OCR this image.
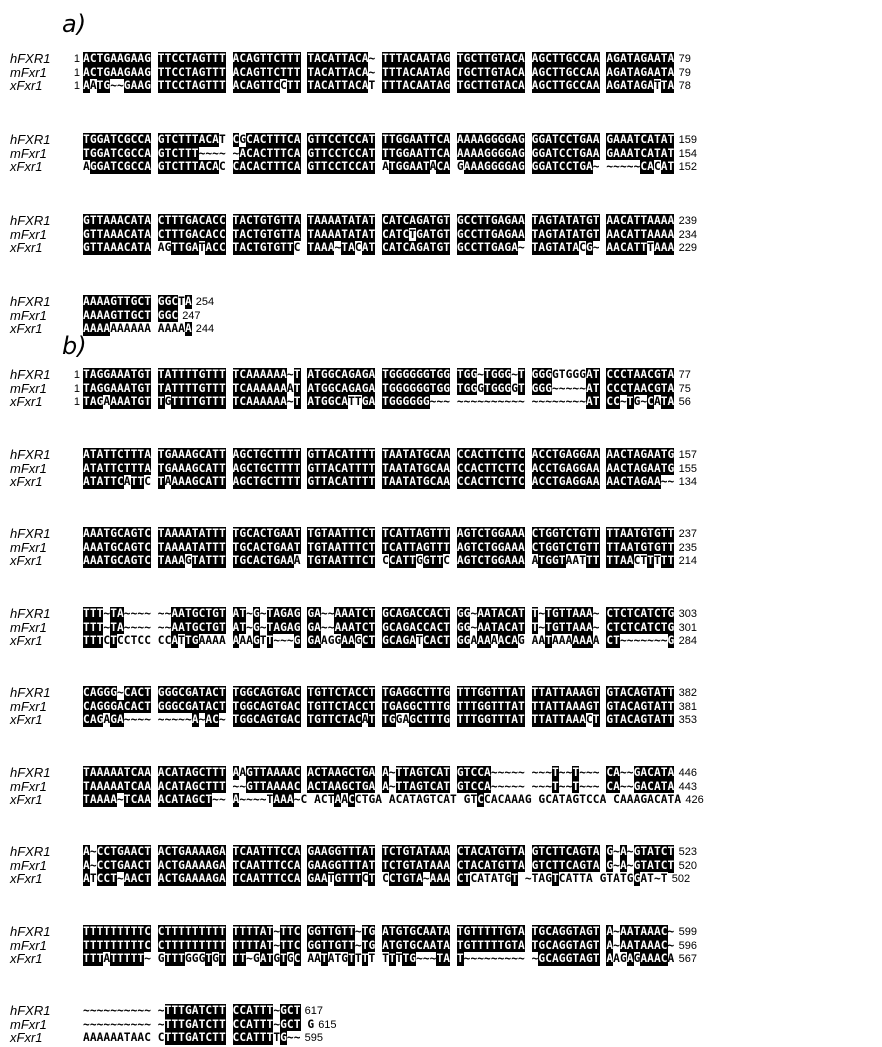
a)
hFXR1	1 ACTGAAGAAG TTCCTAGTTT ACAGTTCTTT TACATTACA~ TTTACAATAG TGCTTGTACA AGCTTGCCAA AGATAGAATA 79
mFxr1	1 ACTGAAGAAG TTCCTAGTTT ACAGTTCTTT TACATTACA~ TTTACAATAG TGCTTGTACA AGCTTGCCAA AGATAGAATA 79
xFxr1	1 AATG~~GAAG TTCCTAGTTT ACAGTTCCTT TACATTACAT TTTACAATAG TGCTTGTACA AGCTTGCCAA AGATAGATTA 78
hFXR1	TGGATCGCCA GTCTTTACAT CGCACTTTCA GTTCCTCCAT TTGGAATTCA AAAAGGGGAG GGATCCTGAA GAAATCATAT 159
mFxr1	TGGATCGCCA GTCTTT~~~~ ~ACACTTTCA GTTCCTCCAT TTGGAATTCA AAAAGGGGAG GGATCCTGAA GAAATCATAT 154
xFxr1	AGGATCGCCA GTCTTTACAC CACACTTTCA GTTCCTCCAT ATGGAATACA GAAAGGGGAG GGATCCTGA~ ~~~~~CACAT 152
hFXR1	GTTAAACATA CTTTGACACC TACTGTGTTA TAAAATATAT CATCAGATGT GCCTTGAGAA TAGTATATGT AACATTAAAA 239
mFxr1	GTTAAACATA CTTTGACACC TACTGTGTTA TAAAATATAT CATCTGATGT GCCTTGAGAA TAGTATATGT AACATTAAAA 234
xFxr1	GTTAAACATA AGTTGATACC TACTGTGTTC TAAA~TACAT CATCAGATGT GCCTTGAGA~ TAGTATACG~ AACATTTAAA 229
hFXR1	AAAAGTTGCT GGCTA 254
mFxr1	AAAAGTTGCT GGC 247
xFxr1	AAAAAAAAAA AAAAA 244
b)
hFXR1	1 TAGGAAATGT TATTTTGTTT TCAAAAAA~T ATGGCAGAGA TGGGGGGTGG TGG~TGGG~T GGGGTGGGAT CCCTAACGTA 77
mFxr1	1 TAGGAAATGT TATTTTGTTT TCAAAAAAAT ATGGCAGAGA TGGGGGGTGG TGGGTGGGGT GGG~~~~~AT CCCTAACGTA 75
xFxr1	1 TAGAAAATGT TGTTTTGTTT TCAAAAAA~T ATGGCATTGA TGGGGGG~~~ ~~~~~~~~~~ ~~~~~~~~AT CC~TG~CATA 56
hFXR1	ATATTCTTTA TGAAAGCATT AGCTGCTTTT GTTACATTTT TAATATGCAA CCACTTCTTC ACCTGAGGAA AACTAGAATG 157
mFxr1	ATATTCTTTA TGAAAGCATT AGCTGCTTTT GTTACATTTT TAATATGCAA CCACTTCTTC ACCTGAGGAA AACTAGAATG 155
xFxr1	ATATTCATTC TAAAAGCATT AGCTGCTTTT GTTACATTTT TAATATGCAA CCACTTCTTC ACCTGAGGAA AACTAGAA~~ 134
hFXR1	AAATGCAGTC TAAAATATTT TGCACTGAAT TGTAATTTCT TCATTAGTTT AGTCTGGAAA CTGGTCTGTT TTAATGTGTT 237
mFxr1	AAATGCAGTC TAAAATATTT TGCACTGAAT TGTAATTTCT TCATTAGTTT AGTCTGGAAA CTGGTCTGTT TTAATGTGTT 235
xFxr1	AAATGCAGTC TAAAGTATTT TGCACTGAAA TGTAATTTCT CCATTGGTTC AGTCTGGAAA ATGGTAATTT TTAACTTTTT 214
hFXR1	TTT~TA~~~~ ~~AATGCTGT AT~G~TAGAG GA~~AAATCT GCAGACCACT GG~AATACAT T~TGTTAAA~ CTCTCATCTG 303
mFxr1	TTT~TA~~~~ ~~AATGCTGT AT~G~TAGAG GA~~AAATCT GCAGACCACT GG~AATACAT T~TGTTAAA~ CTCTCATCTG 301
xFxr1	TTTCTCCTCC CCATTGAAAA AAAGTT~~~G GAAGGAAGCT GCAGATCACT GGAAAAACAG AATAAAAAAA CT~~~~~~~G 284
hFXR1	CAGGG~CACT GGGCGATACT TGGCAGTGAC TGTTCTACCT TGAGGCTTTG TTTGGTTTAT TTATTAAAGT GTACAGTATT 382
mFxr1	CAGGGACACT GGGCGATACT TGGCAGTGAC TGTTCTACCT TGAGGCTTTG TTTGGTTTAT TTATTAAAGT GTACAGTATT 381
xFxr1	CAGAGA~~~~ ~~~~~A~AC~ TGGCAGTGAC TGTTCTACAT TGGAGCTTTG TTTGGTTTAT TTATTAAACT GTACAGTATT 353
hFXR1	TAAAAATCAA ACATAGCTTT AAGTTAAAAC ACTAAGCTGA A~TTAGTCAT GTCCA~~~~~ ~~~T~~T~~~ CA~~GACATA 446
mFxr1	TAAAAATCAA ACATAGCTTT ~~GTTAAAAC ACTAAGCTGA A~TTAGTCAT GTCCA~~~~~ ~~~T~~T~~~ CA~~GACATA 443
xFxr1	TAAAA~TCAA ACATAGCT~~ A~~~~TAAA~C ACTAACCTGA ACATAGTCAT GTCCACAAAG GCATAGTCCA CAAAGACATA 426
hFXR1	A~CCTGAACT ACTGAAAAGA TCAATTTCCA GAAGGTTTAT TCTGTATAAA CTACATGTTA GTCTTCAGTA G~A~GTATCT 523
mFxr1	A~CCTGAACT ACTGAAAAGA TCAATTTCCA GAAGGTTTAT TCTGTATAAA CTACATGTTA GTCTTCAGTA G~A~GTATCT 520
xFxr1	ATCCT~AACT ACTGAAAAGA TCAATTTCCA GAATGTTTCT CCTGTA~AAA CTCATATGT ~TAGTCATTA GTATGGAT~T 502
hFXR1	TTTTTTTTTC CTTTTTTTTT TTTTAT~TTC GGTTGTT~TG ATGTGCAATA TGTTTTTGTA TGCAGGTAGT A~AATAAAC~ 599
mFxr1	TTTTTTTTTC CTTTTTTTTT TTTTAT~TTC GGTTGTT~TG ATGTGCAATA TGTTTTTGTA TGCAGGTAGT A~AATAAAC~ 596
xFxr1	TTTATTTTT~ GTTTGGGTGT TT~GATGTGC AATATGTTTT TTTTG~~~TA T~~~~~~~~~ ~GCAGGTAGT AAGAGAAACA 567
hFXR1	~~~~~~~~~~ ~TTTGATCTT CCATTT~GCT 617
mFxr1	~~~~~~~~~~ ~TTTGATCTT CCATTT~GCT G 615
xFxr1	AAAAAATAAC CTTTGATCTT CCATTTTG~~ 595
